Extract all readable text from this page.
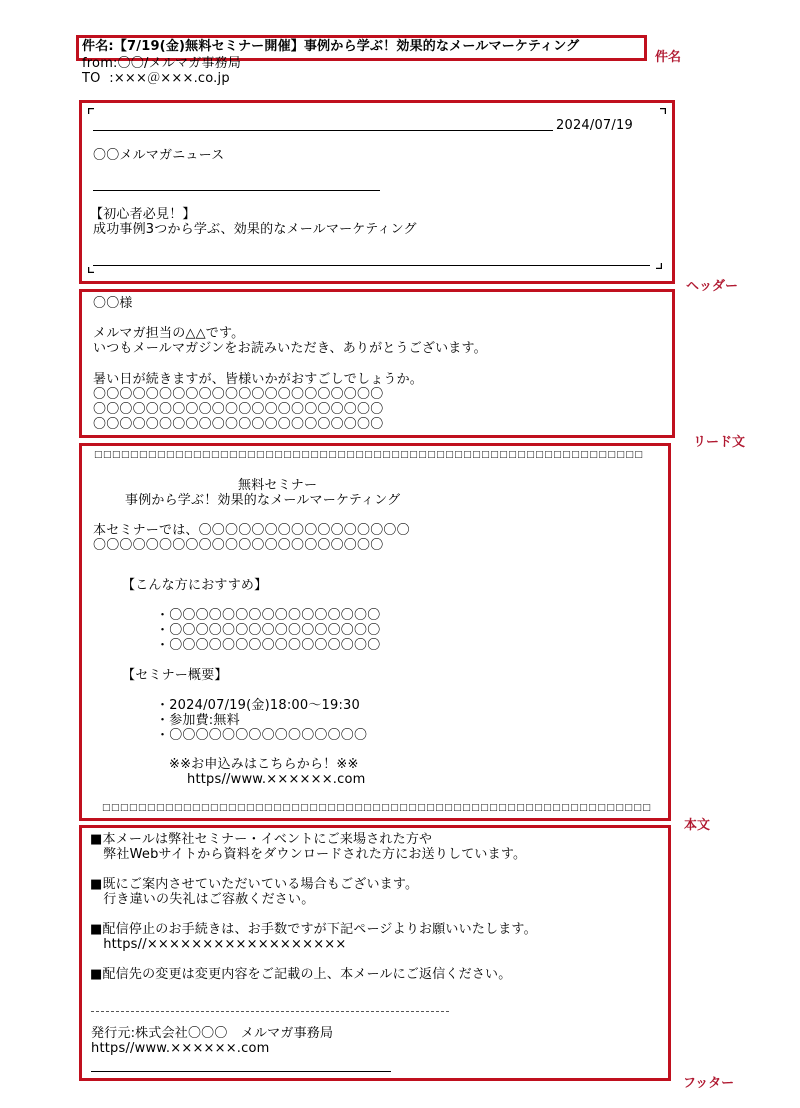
件名:【7/19(金)無料セミナー開催】事例から学ぶ！効果的なメールマーケティング
from:〇〇/メルマガ事務局
TO  :×××＠×××.co.jp
件名
2024/07/19
〇〇メルマガニュース
【初心者必見！】
成功事例3つから学ぶ、効果的なメールマーケティング
ヘッダー
〇〇様
メルマガ担当の△△です。
いつもメールマガジンをお読みいただき、ありがとうございます。
暑い日が続きますが、皆様いかがおすごしでしょうか。
〇〇〇〇〇〇〇〇〇〇〇〇〇〇〇〇〇〇〇〇〇〇
〇〇〇〇〇〇〇〇〇〇〇〇〇〇〇〇〇〇〇〇〇〇
〇〇〇〇〇〇〇〇〇〇〇〇〇〇〇〇〇〇〇〇〇〇
リード文
□□□□□□□□□□□□□□□□□□□□□□□□□□□□□□□□□□□□□□□□□□□□□□□□□□□□□□□□□□□□□
無料セミナー
事例から学ぶ！効果的なメールマーケティング
本セミナーでは、〇〇〇〇〇〇〇〇〇〇〇〇〇〇〇〇
〇〇〇〇〇〇〇〇〇〇〇〇〇〇〇〇〇〇〇〇〇〇
【こんな方におすすめ】
・〇〇〇〇〇〇〇〇〇〇〇〇〇〇〇〇
・〇〇〇〇〇〇〇〇〇〇〇〇〇〇〇〇
・〇〇〇〇〇〇〇〇〇〇〇〇〇〇〇〇
【セミナー概要】
・2024/07/19(金)18:00〜19:30
・参加費:無料
・〇〇〇〇〇〇〇〇〇〇〇〇〇〇〇
※※お申込みはこちらから！※※
https//www.××××××.com
□□□□□□□□□□□□□□□□□□□□□□□□□□□□□□□□□□□□□□□□□□□□□□□□□□□□□□□□□□□□□
本文
■本メールは弊社セミナー・イベントにご来場された方や
　弊社Webサイトから資料をダウンロードされた方にお送りしています。
■既にご案内させていただいている場合もございます。
　行き違いの失礼はご容赦ください。
■配信停止のお手続きは、お手数ですが下記ページよりお願いいたします。
　https//××××××××××××××××××
■配信先の変更は変更内容をご記載の上、本メールにご返信ください。
発行元:株式会社〇〇〇　メルマガ事務局
https//www.××××××.com
フッター
